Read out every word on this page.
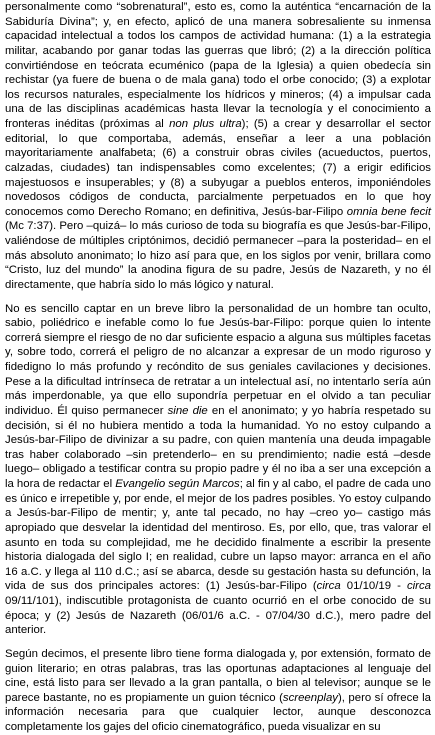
personalmente como “sobrenatural”, esto es, como la auténtica “encarnación de la Sabiduría Divina”; y, en efecto, aplicó de una manera sobresaliente su inmensa capacidad intelectual a todos los campos de actividad humana: (1) a la estrategia militar, acabando por ganar todas las guerras que libró; (2) a la dirección política convirtiéndose en teócrata ecuménico (papa de la Iglesia) a quien obedecía sin rechistar (ya fuere de buena o de mala gana) todo el orbe conocido; (3) a explotar los recursos naturales, especialmente los hídricos y mineros; (4) a impulsar cada una de las disciplinas académicas hasta llevar la tecnología y el conocimiento a fronteras inéditas (próximas al non plus ultra); (5) a crear y desarrollar el sector editorial, lo que comportaba, además, enseñar a leer a una población mayoritariamente analfabeta; (6) a construir obras civiles (acueductos, puertos, calzadas, ciudades) tan indispensables como excelentes; (7) a erigir edificios majestuosos e insuperables; y (8) a subyugar a pueblos enteros, imponiéndoles novedosos códigos de conducta, parcialmente perpetuados en lo que hoy conocemos como Derecho Romano; en definitiva, Jesús-bar-Filipo omnia bene fecit (Mc 7:37). Pero –quizá– lo más curioso de toda su biografía es que Jesús-bar-Filipo, valiéndose de múltiples criptónimos, decidió permanecer –para la posteridad– en el más absoluto anonimato; lo hizo así para que, en los siglos por venir, brillara como “Cristo, luz del mundo” la anodina figura de su padre, Jesús de Nazareth, y no él directamente, que habría sido lo más lógico y natural.

No es sencillo captar en un breve libro la personalidad de un hombre tan oculto, sabio, poliédrico e inefable como lo fue Jesús-bar-Filipo: porque quien lo intente correrá siempre el riesgo de no dar suficiente espacio a alguna sus múltiples facetas y, sobre todo, correrá el peligro de no alcanzar a expresar de un modo riguroso y fidedigno lo más profundo y recóndito de sus geniales cavilaciones y decisiones. Pese a la dificultad intrínseca de retratar a un intelectual así, no intentarlo sería aún más imperdonable, ya que ello supondría perpetuar en el olvido a tan peculiar individuo. Él quiso permanecer sine die en el anonimato; y yo habría respetado su decisión, si él no hubiera mentido a toda la humanidad. Yo no estoy culpando a Jesús-bar-Filipo de divinizar a su padre, con quien mantenía una deuda impagable tras haber colaborado –sin pretenderlo– en su prendimiento; nadie está –desde luego– obligado a testificar contra su propio padre y él no iba a ser una excepción a la hora de redactar el Evangelio según Marcos; al fin y al cabo, el padre de cada uno es único e irrepetible y, por ende, el mejor de los padres posibles. Yo estoy culpando a Jesús-bar-Filipo de mentir; y, ante tal pecado, no hay –creo yo– castigo más apropiado que desvelar la identidad del mentiroso. Es, por ello, que, tras valorar el asunto en toda su complejidad, me he decidido finalmente a escribir la presente historia dialogada del siglo I; en realidad, cubre un lapso mayor: arranca en el año 16 a.C. y llega al 110 d.C.; así se abarca, desde su gestación hasta su defunción, la vida de sus dos principales actores: (1) Jesús-bar-Filipo (circa 01/10/19 - circa 09/11/101), indiscutible protagonista de cuanto ocurrió en el orbe conocido de su época; y (2) Jesús de Nazareth (06/01/6 a.C. - 07/04/30 d.C.), mero padre del anterior.

Según decimos, el presente libro tiene forma dialogada y, por extensión, formato de guion literario; en otras palabras, tras las oportunas adaptaciones al lenguaje del cine, está listo para ser llevado a la gran pantalla, o bien al televisor; aunque se le parece bastante, no es propiamente un guion técnico (screenplay), pero sí ofrece la información necesaria para que cualquier lector, aunque desconozca completamente los gajes del oficio cinematográfico, pueda visualizar en su
